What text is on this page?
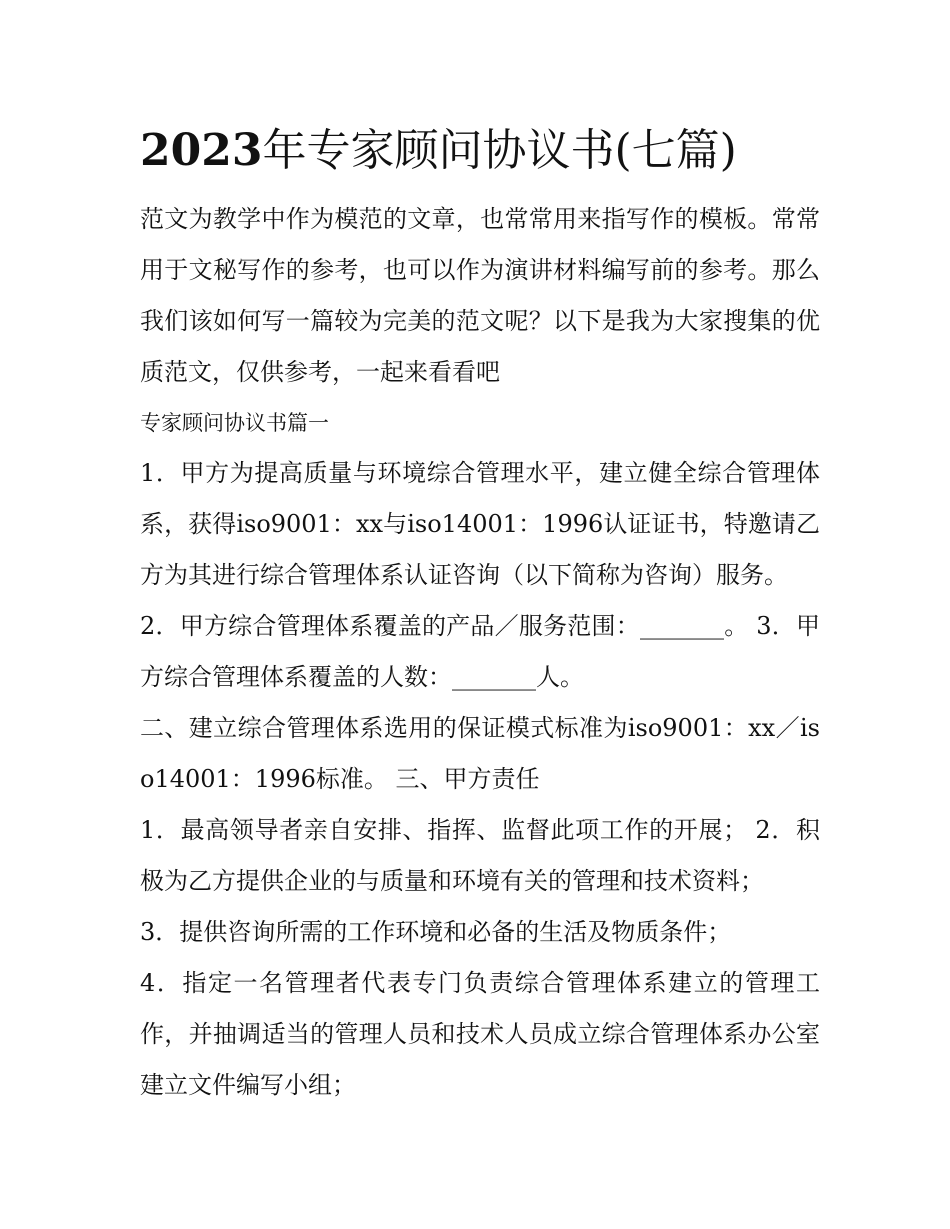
2023年专家顾问协议书(七篇)

范文为教学中作为模范的文章，也常常用来指写作的模板。常常用于文秘写作的参考，也可以作为演讲材料编写前的参考。那么我们该如何写一篇较为完美的范文呢？以下是我为大家搜集的优质范文，仅供参考，一起来看看吧

专家顾问协议书篇一

1．甲方为提高质量与环境综合管理水平，建立健全综合管理体系，获得iso9001：xx与iso14001：1996认证证书，特邀请乙方为其进行综合管理体系认证咨询（以下简称为咨询）服务。

2．甲方综合管理体系覆盖的产品／服务范围：_______。 3．甲方综合管理体系覆盖的人数：_______人。

二、建立综合管理体系选用的保证模式标准为iso9001：xx／iso14001：1996标准。 三、甲方责任

1．最高领导者亲自安排、指挥、监督此项工作的开展； 2．积极为乙方提供企业的与质量和环境有关的管理和技术资料；

3．提供咨询所需的工作环境和必备的生活及物质条件；

4．指定一名管理者代表专门负责综合管理体系建立的管理工作，并抽调适当的管理人员和技术人员成立综合管理体系办公室建立文件编写小组；
